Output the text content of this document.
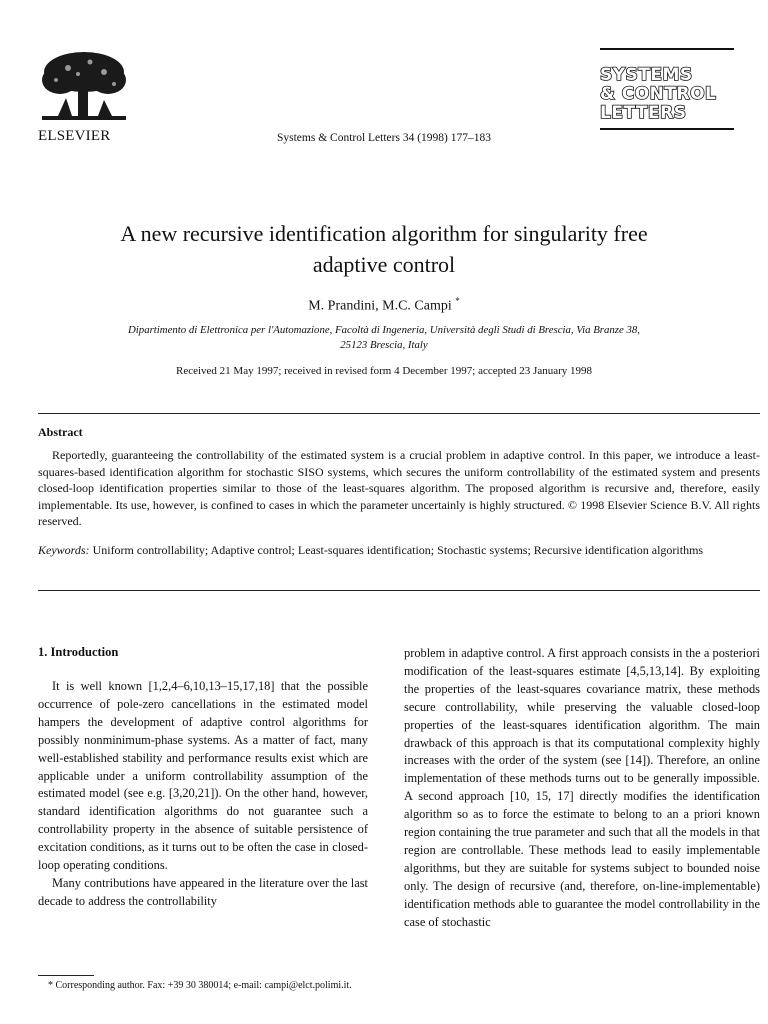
ELSEVIER	Systems & Control Letters 34 (1998) 177–183
SYSTEMS
& CONTROL
LETTERS
A new recursive identification algorithm for singularity free
adaptive control
M. Prandini, M.C. Campi *
Dipartimento di Elettronica per l'Automazione, Facoltà di Ingeneria, Università degli Studi di Brescia, Via Branze 38,
25123 Brescia, Italy
Received 21 May 1997; received in revised form 4 December 1997; accepted 23 January 1998
Abstract
Reportedly, guaranteeing the controllability of the estimated system is a crucial problem in adaptive control. In this paper, we introduce a least-squares-based identification algorithm for stochastic SISO systems, which secures the uniform controllability of the estimated system and presents closed-loop identification properties similar to those of the least-squares algorithm. The proposed algorithm is recursive and, therefore, easily implementable. Its use, however, is confined to cases in which the parameter uncertainly is highly structured. © 1998 Elsevier Science B.V. All rights reserved.
Keywords: Uniform controllability; Adaptive control; Least-squares identification; Stochastic systems; Recursive identification algorithms
1. Introduction

It is well known [1,2,4–6,10,13–15,17,18] that the possible occurrence of pole-zero cancellations in the estimated model hampers the development of adaptive control algorithms for possibly nonminimum-phase systems. As a matter of fact, many well-established stability and performance results exist which are applicable under a uniform controllability assumption of the estimated model (see e.g. [3,20,21]). On the other hand, however, standard identification algorithms do not guarantee such a controllability property in the absence of suitable persistence of excitation conditions, as it turns out to be often the case in closed-loop operating conditions.

Many contributions have appeared in the literature over the last decade to address the controllability

problem in adaptive control. A first approach consists in the a posteriori modification of the least-squares estimate [4,5,13,14]. By exploiting the properties of the least-squares covariance matrix, these methods secure controllability, while preserving the valuable closed-loop properties of the least-squares identification algorithm. The main drawback of this approach is that its computational complexity highly increases with the order of the system (see [14]). Therefore, an online implementation of these methods turns out to be generally impossible. A second approach [10, 15, 17] directly modifies the identification algorithm so as to force the estimate to belong to an a priori known region containing the true parameter and such that all the models in that region are controllable. These methods lead to easily implementable algorithms, but they are suitable for systems subject to bounded noise only. The design of recursive (and, therefore, on-line-implementable) identification methods able to guarantee the model controllability in the case of stochastic

* Corresponding author. Fax: +39 30 380014; e-mail: campi@elct.polimi.it.
